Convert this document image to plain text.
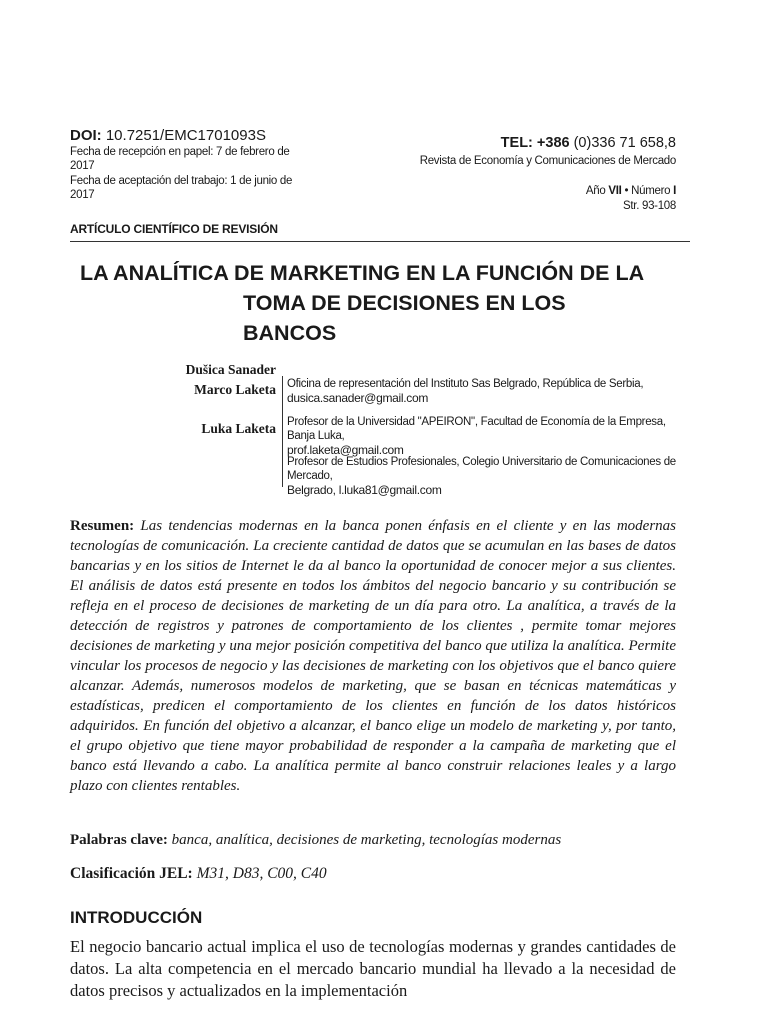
DOI: 10.7251/EMC1701093S
Fecha de recepción en papel: 7 de febrero de 2017
Fecha de aceptación del trabajo: 1 de junio de 2017
ARTÍCULO CIENTÍFICO DE REVISIÓN
TEL: +386 (0)336 71 658,8
Revista de Economía y Comunicaciones de Mercado
Año VII • Número I
Str. 93-108
LA ANALÍTICA DE MARKETING EN LA FUNCIÓN DE LA
TOMA DE DECISIONES EN LOS
BANCOS
Dušica Sanader
Marco Laketa
Luka Laketa
Oficina de representación del Instituto Sas Belgrado, República de Serbia,
dusica.sanader@gmail.com
Profesor de la Universidad "APEIRON", Facultad de Economía de la Empresa, Banja Luka,
prof.laketa@gmail.com
Profesor de Estudios Profesionales, Colegio Universitario de Comunicaciones de Mercado,
Belgrado, l.luka81@gmail.com
Resumen: Las tendencias modernas en la banca ponen énfasis en el cliente y en las modernas tecnologías de comunicación. La creciente cantidad de datos que se acumulan en las bases de datos bancarias y en los sitios de Internet le da al banco la oportunidad de conocer mejor a sus clientes. El análisis de datos está presente en todos los ámbitos del negocio bancario y su contribución se refleja en el proceso de decisiones de marketing de un día para otro. La analítica, a través de la detección de registros y patrones de comportamiento de los clientes , permite tomar mejores decisiones de marketing y una mejor posición competitiva del banco que utiliza la analítica. Permite vincular los procesos de negocio y las decisiones de marketing con los objetivos que el banco quiere alcanzar. Además, numerosos modelos de marketing, que se basan en técnicas matemáticas y estadísticas, predicen el comportamiento de los clientes en función de los datos históricos adquiridos. En función del objetivo a alcanzar, el banco elige un modelo de marketing y, por tanto, el grupo objetivo que tiene mayor probabilidad de responder a la campaña de marketing que el banco está llevando a cabo. La analítica permite al banco construir relaciones leales y a largo plazo con clientes rentables.
Palabras clave: banca, analítica, decisiones de marketing, tecnologías modernas
Clasificación JEL: M31, D83, C00, C40
INTRODUCCIÓN
El negocio bancario actual implica el uso de tecnologías modernas y grandes cantidades de datos. La alta competencia en el mercado bancario mundial ha llevado a la necesidad de datos precisos y actualizados en la implementación
